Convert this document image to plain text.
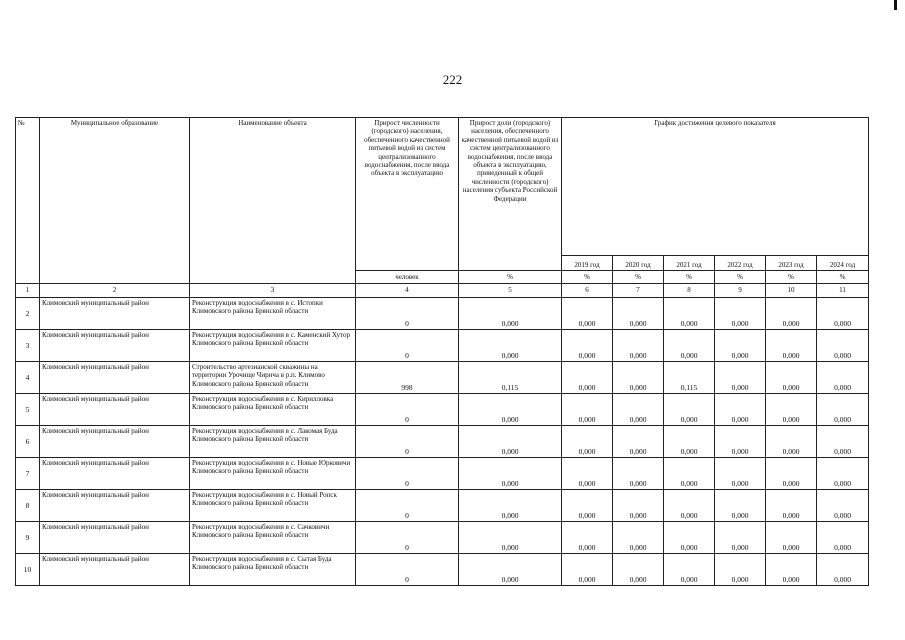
222
№	Муниципальное образование	Наименование объекта	Прирост численности (городского) населения, обеспеченного качественной питьевой водой из систем централизованного водоснабжения, после ввода объекта в эксплуатацию	Прирост доли (городского) населения, обеспеченного качественной питьевой водой из систем централизованного водоснабжения, после ввода объекта в эксплуатацию, приведенный к общей численности (городского) населения субъекта Российской Федерации	График достижения целевого показателя					
					2019 год	2020 год	2021 год	2022 год	2023 год	2024 год
			человек	%	%	%	%	%	%	%
1	2	3	4	5	6	7	8	9	10	11
2	Климовский муниципальный район	Реконструкция водоснабжения в с. Истопки Климовского района Брянской области	0	0,000	0,000	0,000	0,000	0,000	0,000	0,000
3	Климовский муниципальный район	Реконструкция водоснабжения в с. Каменский Хутор Климовского района Брянской области	0	0,000	0,000	0,000	0,000	0,000	0,000	0,000
4	Климовский муниципальный район	Строительство артезианской скважины на территории Урочище Чирича в р.п. Климово Климовского района Брянской области	998	0,115	0,000	0,000	0,115	0,000	0,000	0,000
5	Климовский муниципальный район	Реконструкция водоснабжения в с. Кирилловка Климовского района Брянской области	0	0,000	0,000	0,000	0,000	0,000	0,000	0,000
6	Климовский муниципальный район	Реконструкция водоснабжения в с. Лакомая Буда Климовского района Брянской области	0	0,000	0,000	0,000	0,000	0,000	0,000	0,000
7	Климовский муниципальный район	Реконструкция водоснабжения в с. Новые Юрковичи Климовского района Брянской области	0	0,000	0,000	0,000	0,000	0,000	0,000	0,000
8	Климовский муниципальный район	Реконструкция водоснабжения в с. Новый Ропск Климовского района Брянской области	0	0,000	0,000	0,000	0,000	0,000	0,000	0,000
9	Климовский муниципальный район	Реконструкция водоснабжения в с. Сачковичи Климовского района Брянской области	0	0,000	0,000	0,000	0,000	0,000	0,000	0,000
10	Климовский муниципальный район	Реконструкция водоснабжения в с. Сытая Буда Климовского района Брянской области	0	0,000	0,000	0,000	0,000	0,000	0,000	0,000
